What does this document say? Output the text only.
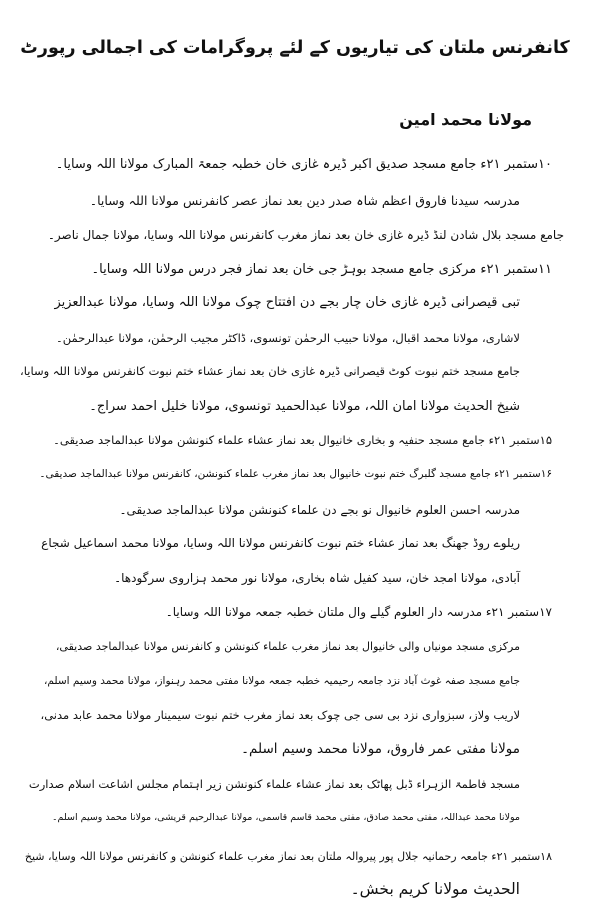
کانفرنس ملتان کی تیاریوں کے لئے پروگرامات کی اجمالی رپورٹ
مولانا محمد امین
۱۰ستمبر ۲۱ء جامع مسجد صدیق اکبر ڈیرہ غازی خان خطبہ جمعۃ المبارک مولانا اللہ وسایا۔
مدرسہ سیدنا فاروق اعظم شاہ صدر دین بعد نماز عصر کانفرنس مولانا اللہ وسایا۔
جامع مسجد بلال شادن لنڈ ڈیرہ غازی خان بعد نماز مغرب کانفرنس مولانا اللہ وسایا، مولانا جمال ناصر۔
۱۱ستمبر ۲۱ء مرکزی جامع مسجد بوہڑ جی خان بعد نماز فجر درس مولانا اللہ وسایا۔
تبی قیصرانی ڈیرہ غازی خان چار بجے دن افتتاح چوک مولانا اللہ وسایا، مولانا عبدالعزیز
لاشاری، مولانا محمد اقبال، مولانا حبیب الرحمٰن تونسوی، ڈاکٹر مجیب الرحمٰن، مولانا عبدالرحمٰن۔
جامع مسجد ختم نبوت کوٹ قیصرانی ڈیرہ غازی خان بعد نماز عشاء ختم نبوت کانفرنس مولانا اللہ وسایا،
شیخ الحدیث مولانا امان اللہ، مولانا عبدالحمید تونسوی، مولانا خلیل احمد سراج۔
۱۵ستمبر ۲۱ء جامع مسجد حنفیہ و بخاری خانیوال بعد نماز عشاء علماء کنونشن مولانا عبدالماجد صدیقی۔
۱۶ستمبر ۲۱ء جامع مسجد گلبرگ ختم نبوت خانیوال بعد نماز مغرب علماء کنونشن، کانفرنس مولانا عبدالماجد صدیقی۔
مدرسہ احسن العلوم خانیوال نو بجے دن علماء کنونشن مولانا عبدالماجد صدیقی۔
ریلوے روڈ جھنگ بعد نماز عشاء ختم نبوت کانفرنس مولانا اللہ وسایا، مولانا محمد اسماعیل شجاع
آبادی، مولانا امجد خان، سید کفیل شاہ بخاری، مولانا نور محمد ہزاروی سرگودھا۔
۱۷ستمبر ۲۱ء مدرسہ دار العلوم گیلے وال ملتان خطبہ جمعہ مولانا اللہ وسایا۔
مرکزی مسجد مونیاں والی خانیوال بعد نماز مغرب علماء کنونشن و کانفرنس مولانا عبدالماجد صدیقی،
جامع مسجد صفہ غوث آباد نزد جامعہ رحیمیہ خطبہ جمعہ مولانا مفتی محمد رہنواز، مولانا محمد وسیم اسلم،
لاریب ولاز، سبزواری نزد بی سی جی چوک بعد نماز مغرب ختم نبوت سیمینار مولانا محمد عابد مدنی،
مولانا مفتی عمر فاروق، مولانا محمد وسیم اسلم۔
مسجد فاطمۃ الزہراء ڈبل پھاٹک بعد نماز عشاء علماء کنونشن زیر اہتمام مجلس اشاعت اسلام صدارت
مولانا محمد عبداللہ، مفتی محمد صادق، مفتی محمد قاسم قاسمی، مولانا عبدالرحیم قریشی، مولانا محمد وسیم اسلم۔
۱۸ستمبر ۲۱ء جامعہ رحمانیہ جلال پور پیروالہ ملتان بعد نماز مغرب علماء کنونشن و کانفرنس مولانا اللہ وسایا، شیخ
الحدیث مولانا کریم بخش۔
